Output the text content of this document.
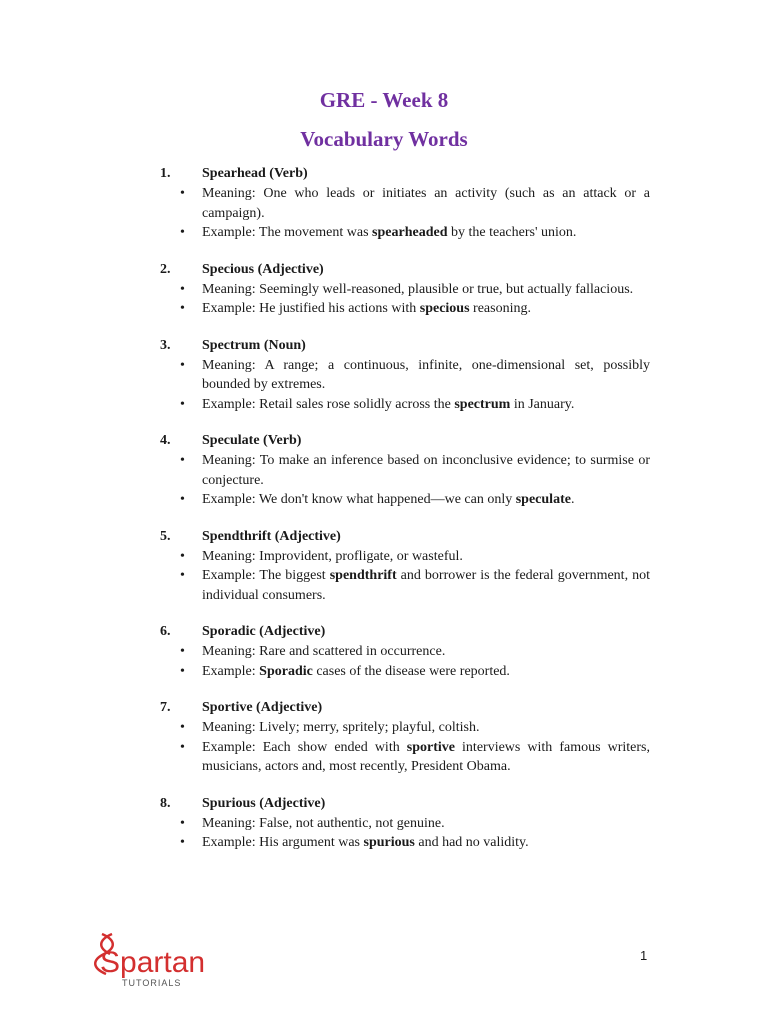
GRE - Week 8
Vocabulary Words
1. Spearhead (Verb)
• Meaning: One who leads or initiates an activity (such as an attack or a campaign).
• Example: The movement was spearheaded by the teachers' union.
2. Specious (Adjective)
• Meaning: Seemingly well-reasoned, plausible or true, but actually fallacious.
• Example: He justified his actions with specious reasoning.
3. Spectrum (Noun)
• Meaning: A range; a continuous, infinite, one-dimensional set, possibly bounded by extremes.
• Example: Retail sales rose solidly across the spectrum in January.
4. Speculate (Verb)
• Meaning: To make an inference based on inconclusive evidence; to surmise or conjecture.
• Example: We don't know what happened—we can only speculate.
5. Spendthrift (Adjective)
• Meaning: Improvident, profligate, or wasteful.
• Example: The biggest spendthrift and borrower is the federal government, not individual consumers.
6. Sporadic (Adjective)
• Meaning: Rare and scattered in occurrence.
• Example: Sporadic cases of the disease were reported.
7. Sportive (Adjective)
• Meaning: Lively; merry, spritely; playful, coltish.
• Example: Each show ended with sportive interviews with famous writers, musicians, actors and, most recently, President Obama.
8. Spurious (Adjective)
• Meaning: False, not authentic, not genuine.
• Example: His argument was spurious and had no validity.
Spartan
TUTORIALS
1
